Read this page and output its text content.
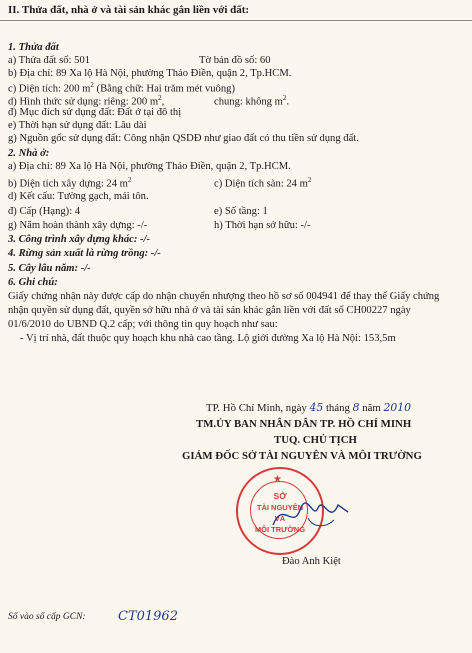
II. Thửa đất, nhà ở và tài sản khác gắn liền với đất:
1. Thửa đất
a) Thửa đất số: 501	Tờ bản đồ số: 60
b) Địa chỉ: 89 Xa lộ Hà Nội, phường Thảo Điền, quận 2, Tp.HCM.
c) Diện tích: 200 $m^2$ (Bằng chữ: Hai trăm mét vuông)
d) Hình thức sử dụng: riêng: 200 $m^2$,	chung: không $m^2$.
đ) Mục đích sử dụng đất: Đất ở tại đô thị
e) Thời hạn sử dụng đất: Lâu dài
g) Nguồn gốc sử dụng đất: Công nhận QSDĐ như giao đất có thu tiền sử dụng đất.
2. Nhà ở:
a) Địa chỉ: 89 Xa lộ Hà Nội, phường Thảo Điền, quận 2, Tp.HCM.
b) Diện tích xây dựng: 24 $m^2$	c) Diện tích sàn: 24 $m^2$
d) Kết cấu: Tường gạch, mái tôn.
đ) Cấp (Hạng): 4	e) Số tầng: 1
g) Năm hoàn thành xây dựng: -/-	h) Thời hạn sở hữu: -/-
3. Công trình xây dựng khác: -/-
4. Rừng sản xuất là rừng trồng: -/-
5. Cây lâu năm: -/-
6. Ghi chú:
Giấy chứng nhận này được cấp do nhận chuyển nhượng theo hồ sơ số 004941 để thay thế Giấy chứng
nhận quyền sử dụng đất, quyền sở hữu nhà ở và tài sản khác gắn liền với đất số CH00227 ngày
01/6/2010 do UBND Q.2 cấp; với thông tin quy hoạch như sau:
- Vị trí nhà, đất thuộc quy hoạch khu nhà cao tầng. Lộ giới đường Xa lộ Hà Nội: 153,5m
TP. Hồ Chí Minh, ngày 45 tháng 8 năm 2010
TM.ỦY BAN NHÂN DÂN TP. HỒ CHÍ MINH
TUQ. CHỦ TỊCH
GIÁM ĐỐC SỞ TÀI NGUYÊN VÀ MÔI TRƯỜNG
★
SỞ
TÀI NGUYÊN
VÀ
MÔI TRƯỜNG
Đào Anh Kiệt
Số vào sổ cấp GCN: CT01962
